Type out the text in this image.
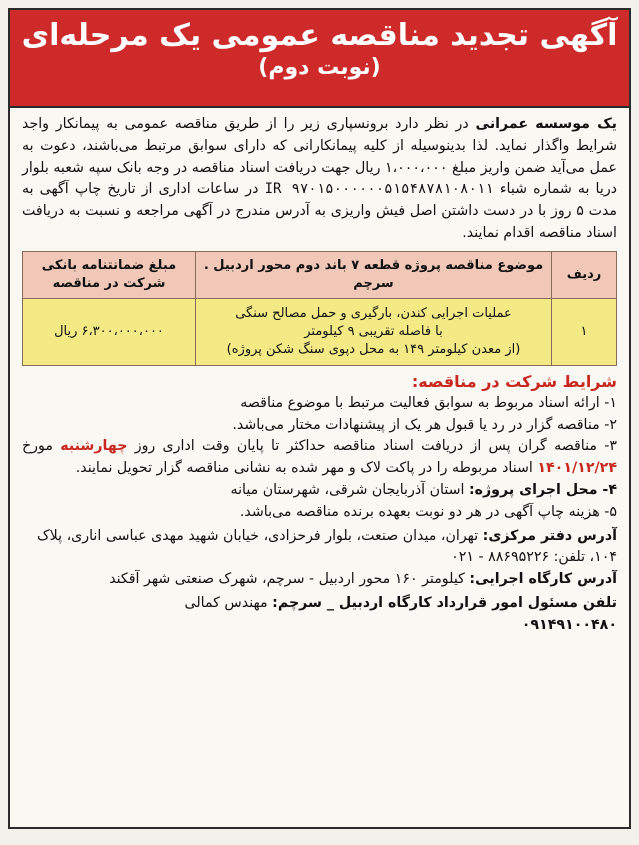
آگهی تجدید مناقصه عمومی یک مرحله‌ای
(نوبت دوم)
یک موسسه عمرانی در نظر دارد برونسپاری زیر را از طریق مناقصه عمومی به پیمانکار واجد شرایط واگذار نماید. لذا بدینوسیله از کلیه پیمانکارانی که دارای سوابق مرتبط می‌باشند، دعوت به عمل می‌آید ضمن واریز مبلغ ۱،۰۰۰،۰۰۰ ریال جهت دریافت اسناد مناقصه در وجه بانک سپه شعبه بلوار دریا به شماره شباء IR ۹۷۰۱۵۰۰۰۰۰۰۵۱۵۴۸۷۸۱۰۸۰۱۱ در ساعات اداری از تاریخ چاپ آگهی به مدت ۵ روز با در دست داشتن اصل فیش واریزی به آدرس مندرج در آگهی مراجعه و نسبت به دریافت اسناد مناقصه اقدام نمایند.
ردیف	موضوع مناقصه پروژه قطعه ۷ باند دوم محور اردبیل . سرچم	مبلغ ضمانتنامه بانکی شرکت در مناقصه
۱	عملیات اجرایی کندن، بارگیری و حمل مصالح سنگی
با فاصله تقریبی ۹ کیلومتر
(از معدن کیلومتر ۱۴۹ به محل دپوی سنگ شکن پروژه)	۶،۳۰۰،۰۰۰،۰۰۰ ریال
شرایط شرکت در مناقصه:

۱- ارائه اسناد مربوط به سوابق فعالیت مرتبط با موضوع مناقصه

۲- مناقصه گزار در رد یا قبول هر یک از پیشنهادات مختار می‌باشد.

۳- مناقصه گران پس از دریافت اسناد مناقصه حداکثر تا پایان وقت اداری روز چهارشنبه مورخ ۱۴۰۱/۱۲/۲۴ اسناد مربوطه را در پاکت لاک و مهر شده به نشانی مناقصه گزار تحویل نمایند.

۴- محل اجرای پروژه: استان آذربایجان شرقی، شهرستان میانه

۵- هزینه چاپ آگهی در هر دو نوبت بعهده برنده مناقصه می‌باشد.

آدرس دفتر مرکزی: تهران، میدان صنعت، بلوار فرحزادی، خیابان شهید مهدی عباسی اناری، پلاک ۱۰۴، تلفن: ۸۸۶۹۵۲۲۶ - ۰۲۱

آدرس کارگاه اجرایی: کیلومتر ۱۶۰ محور اردبیل - سرچم، شهرک صنعتی شهر آقکند

تلفن مسئول امور قرارداد کارگاه اردبیل _ سرچم: مهندس کمالی

۰۹۱۴۹۱۰۰۴۸۰
